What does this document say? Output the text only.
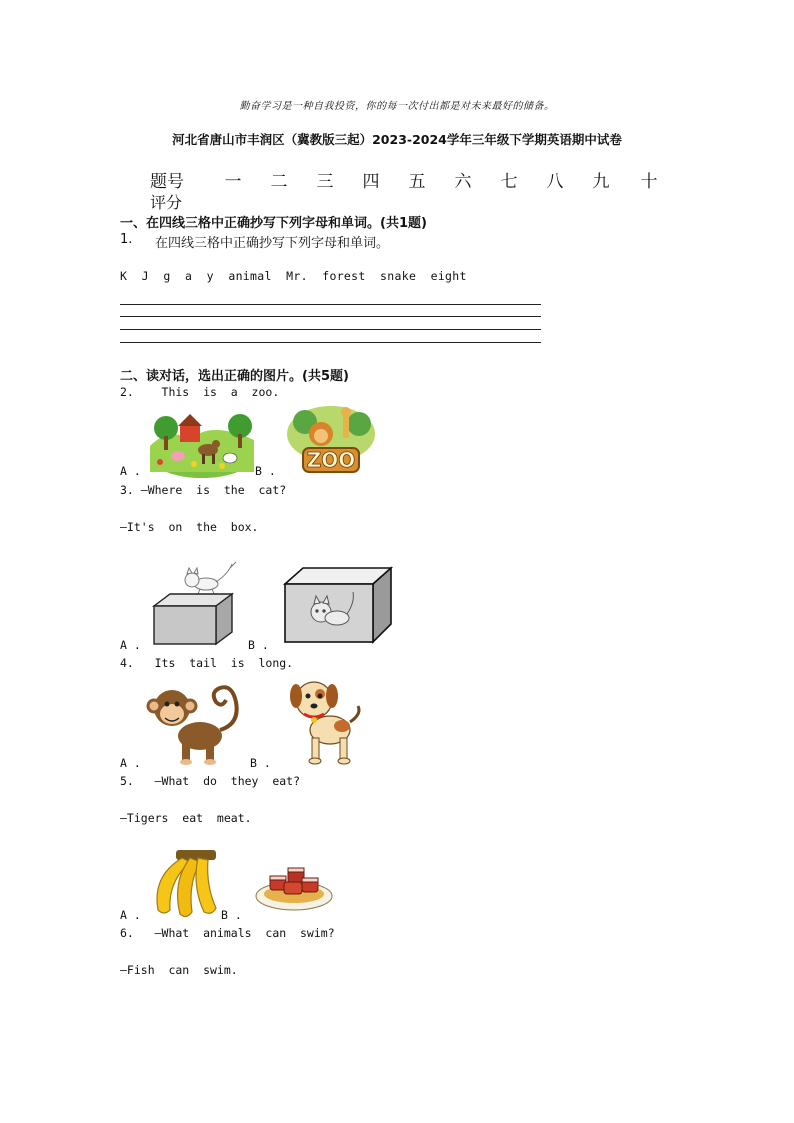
勤奋学习是一种自我投资，你的每一次付出都是对未来最好的储备。
河北省唐山市丰润区（冀教版三起）2023-2024学年三年级下学期英语期中试卷
题号	一	二	三	四	五	六	七	八	九	十
评分
一、在四线三格中正确抄写下列字母和单词。(共1题)
1. 在四线三格中正确抄写下列字母和单词。
K  J  g  a  y  animal  Mr.  forest  snake  eight
二、读对话，选出正确的图片。(共5题)
2.    This  is  a  zoo.
A .	ZOO
B .
3. —Where  is  the  cat?
—It's  on  the  box.
A .	B .
4.   Its  tail  is  long.
A .	B .
5.   —What  do  they  eat?
—Tigers  eat  meat.
A .	B .
6.   —What  animals  can  swim?
—Fish  can  swim.
